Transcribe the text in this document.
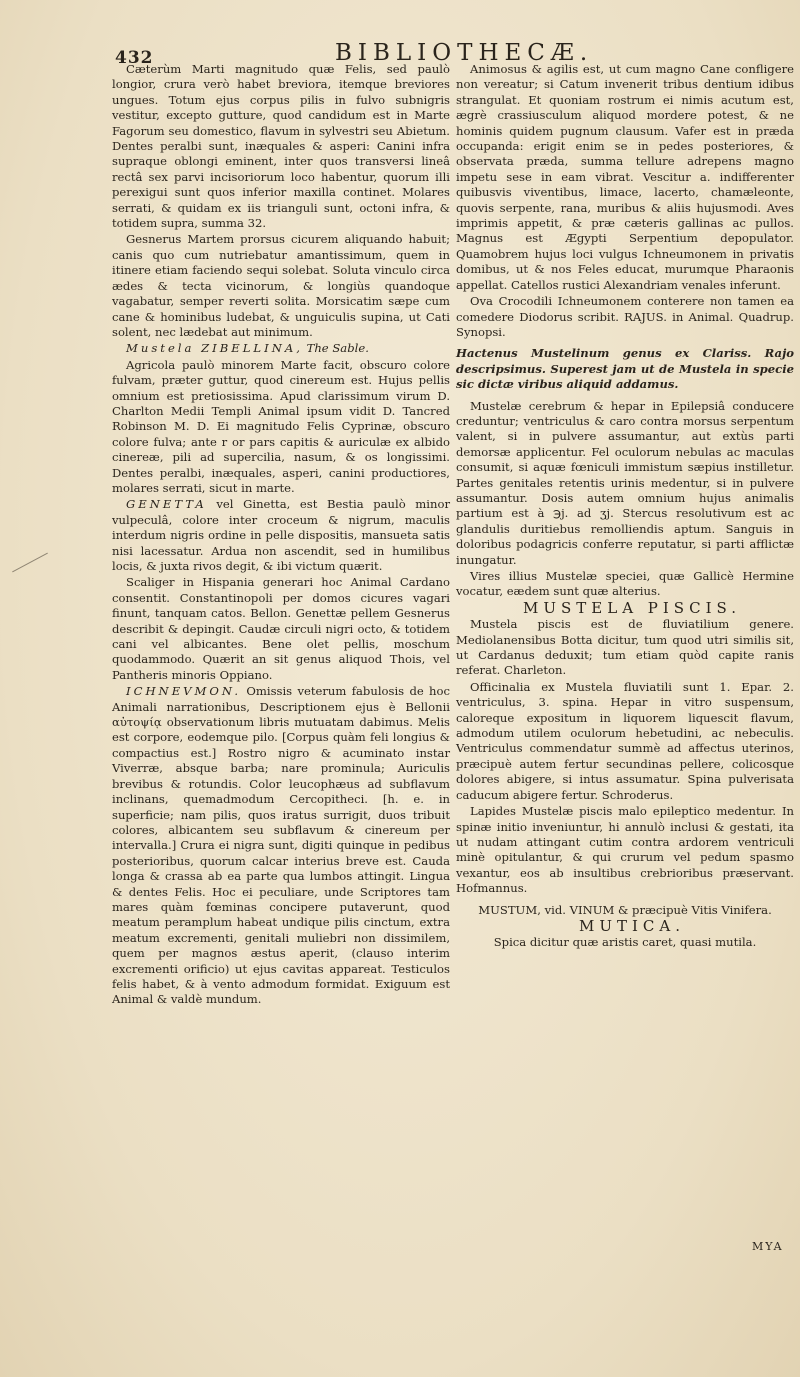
432	BIBLIOTHECÆ.

Cæterùm Marti magnitudo quæ Felis, sed paulò longior, crura verò habet breviora, itemque breviores ungues. Totum ejus corpus pilis in fulvo subnigris vestitur, excepto gutture, quod candidum est in Marte Fagorum seu domestico, flavum in sylvestri seu Abietum. Dentes peralbi sunt, inæquales & asperi: Canini infra supraque oblongi eminent, inter quos transversi lineâ rectâ sex parvi incisoriorum loco habentur, quorum illi perexigui sunt quos inferior maxilla continet. Molares serrati, & quidam ex iis trianguli sunt, octoni infra, & totidem supra, summa 32.

Gesnerus Martem prorsus cicurem aliquando habuit; canis quo cum nutriebatur amantissimum, quem in itinere etiam faciendo sequi solebat. Soluta vinculo circa ædes & tecta vicinorum, & longiùs quandoque vagabatur, semper reverti solita. Morsicatim sæpe cum cane & hominibus ludebat, & unguiculis supina, ut Cati solent, nec lædebat aut minimum.

Mustela ZIBELLINA, The Sable.

Agricola paulò minorem Marte facit, obscuro colore fulvam, præter guttur, quod cinereum est. Hujus pellis omnium est pretiosissima. Apud clarissimum virum D. Charlton Medii Templi Animal ipsum vidit D. Tancred Robinson M. D. Ei magnitudo Felis Cyprinæ, obscuro colore fulva; ante r or pars capitis & auriculæ ex albido cinereæ, pili ad supercilia, nasum, & os longissimi. Dentes peralbi, inæquales, asperi, canini productiores, molares serrati, sicut in marte.

GENETTA vel Ginetta, est Bestia paulò minor vulpeculâ, colore inter croceum & nigrum, maculis interdum nigris ordine in pelle dispositis, mansueta satis nisi lacessatur. Ardua non ascendit, sed in humilibus locis, & juxta rivos degit, & ibi victum quærit.

Scaliger in Hispania generari hoc Animal Cardano consentit. Constantinopoli per domos cicures vagari finunt, tanquam catos. Bellon. Genettæ pellem Gesnerus describit & depingit. Caudæ circuli nigri octo, & totidem cani vel albicantes. Bene olet pellis, moschum quodammodo. Quærit an sit genus aliquod Thois, vel Pantheris minoris Oppiano.

ICHNEVMON. Omissis veterum fabulosis de hoc Animali narrationibus, Descriptionem ejus è Bellonii αὐτοψίᾳ observationum libris mutuatam dabimus. Melis est corpore, eodemque pilo. [Corpus quàm feli longius & compactius est.] Rostro nigro & acuminato instar Viverræ, absque barba; nare prominula; Auriculis brevibus & rotundis. Color leucophæus ad subflavum inclinans, quemadmodum Cercopitheci. [h. e. in superficie; nam pilis, quos iratus surrigit, duos tribuit colores, albicantem seu subflavum & cinereum per intervalla.] Crura ei nigra sunt, digiti quinque in pedibus posterioribus, quorum calcar interius breve est. Cauda longa & crassa ab ea parte qua lumbos attingit. Lingua & dentes Felis. Hoc ei peculiare, unde Scriptores tam mares quàm fœminas concipere putaverunt, quod meatum peramplum habeat undique pilis cinctum, extra meatum excrementi, genitali muliebri non dissimilem, quem per magnos æstus aperit, (clauso interim excrementi orificio) ut ejus cavitas appareat. Testiculos felis habet, & à vento admodum formidat. Exiguum est Animal & valdè mundum.

Animosus & agilis est, ut cum magno Cane confligere non vereatur; si Catum invenerit tribus dentium idibus strangulat. Et quoniam rostrum ei nimis acutum est, ægrè crassiusculum aliquod mordere potest, & ne hominis quidem pugnum clausum. Vafer est in præda occupanda: erigit enim se in pedes posteriores, & observata præda, summa tellure adrepens magno impetu sese in eam vibrat. Vescitur a. indifferenter quibusvis viventibus, limace, lacerto, chamæleonte, quovis serpente, rana, muribus & aliis hujusmodi. Aves imprimis appetit, & præ cæteris gallinas ac pullos. Magnus est Ægypti Serpentium depopulator. Quamobrem hujus loci vulgus Ichneumonem in privatis domibus, ut & nos Feles educat, murumque Pharaonis appellat. Catellos rustici Alexandriam venales inferunt.

Ova Crocodili Ichneumonem conterere non tamen ea comedere Diodorus scribit. RAJUS. in Animal. Quadrup. Synopsi.

Hactenus Mustelinum genus ex Clariss. Rajo descripsimus. Superest jam ut de Mustela in specie sic dictæ viribus aliquid addamus.

Mustelæ cerebrum & hepar in Epilepsiâ conducere creduntur; ventriculus & caro contra morsus serpentum valent, si in pulvere assumantur, aut extùs parti demorsæ applicentur. Fel oculorum nebulas ac maculas consumit, si aquæ fœniculi immistum sæpius instilletur. Partes genitales retentis urinis medentur, si in pulvere assumantur. Dosis autem omnium hujus animalis partium est à ℈j. ad ʒj. Stercus resolutivum est ac glandulis duritiebus remolliendis aptum. Sanguis in doloribus podagricis conferre reputatur, si parti afflictæ inungatur.

Vires illius Mustelæ speciei, quæ Gallicè Hermine vocatur, eædem sunt quæ alterius.

MUSTELA PISCIS.

Mustela piscis est de fluviatilium genere. Mediolanensibus Botta dicitur, tum quod utri similis sit, ut Cardanus deduxit; tum etiam quòd capite ranis referat. Charleton.

Officinalia ex Mustela fluviatili sunt 1. Epar. 2. ventriculus, 3. spina. Hepar in vitro suspensum, caloreque expositum in liquorem liquescit flavum, admodum utilem oculorum hebetudini, ac nebeculis. Ventriculus commendatur summè ad affectus uterinos, præcipuè autem fertur secundinas pellere, colicosque dolores abigere, si intus assumatur. Spina pulverisata caducum abigere fertur. Schroderus.

Lapides Mustelæ piscis malo epileptico medentur. In spinæ initio inveniuntur, hi annulò inclusi & gestati, ita ut nudam attingant cutim contra ardorem ventriculi minè opitulantur, & qui crurum vel pedum spasmo vexantur, eos ab insultibus crebrioribus præservant. Hofmannus.

MUSTUM, vid. VINUM & præcipuè Vitis Vinifera.

MUTICA.

Spica dicitur quæ aristis caret, quasi mutila.

MYA
